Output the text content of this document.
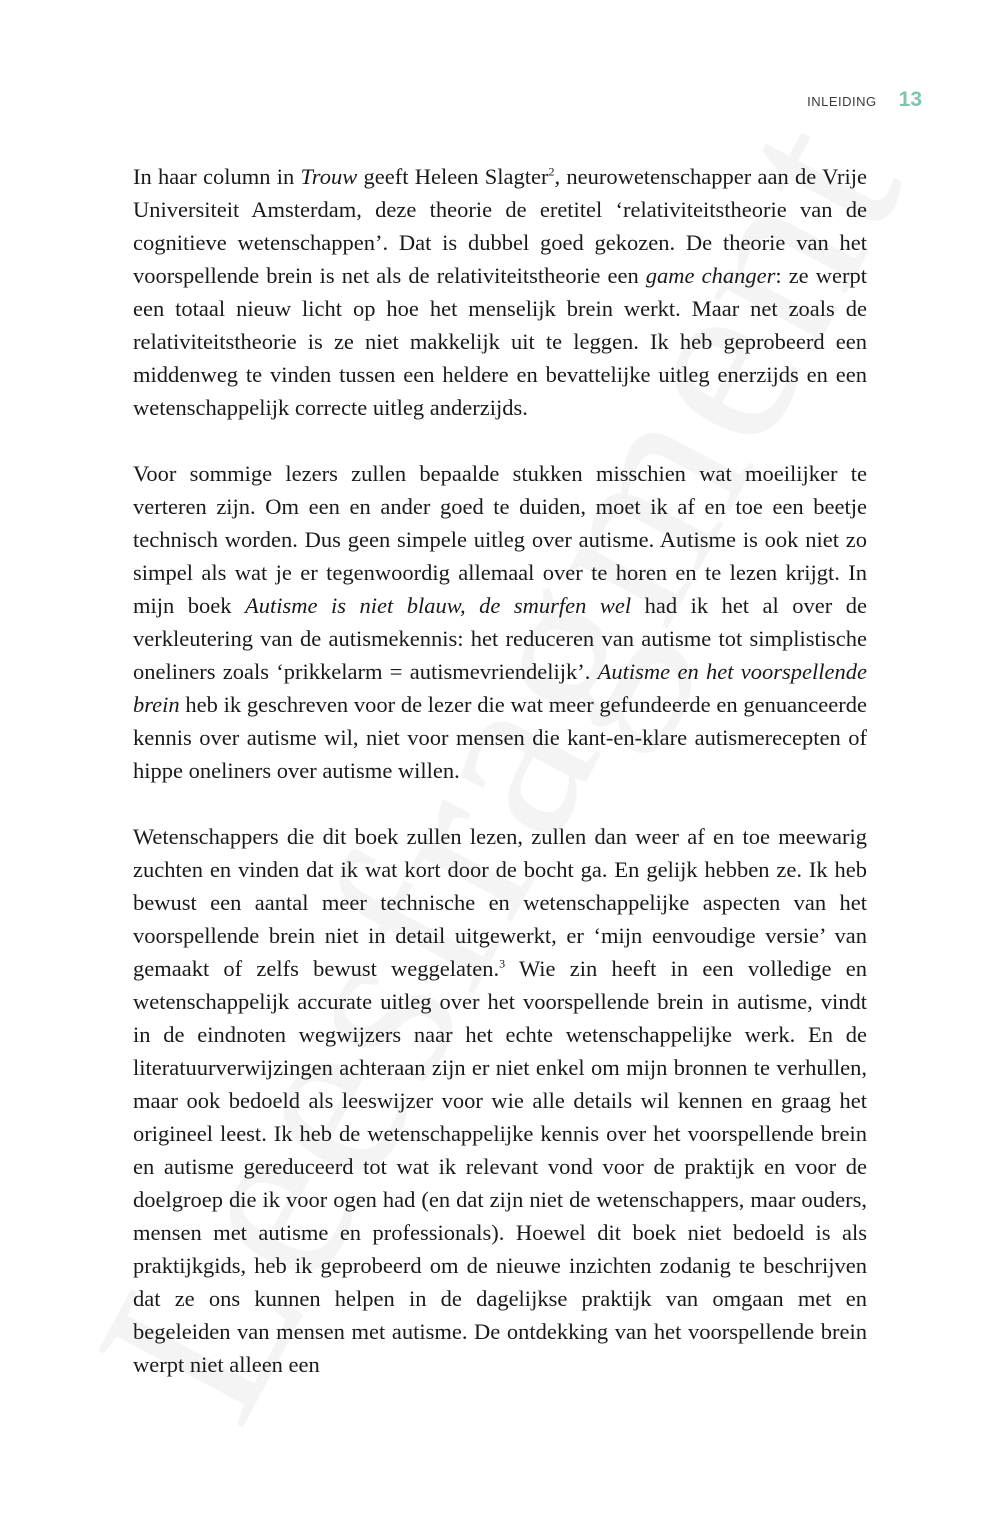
INLEIDING 13

In haar column in Trouw geeft Heleen Slagter$^2$, neurowetenschapper aan de Vrije Universiteit Amsterdam, deze theorie de eretitel ‘relativiteitstheorie van de cognitieve wetenschappen’. Dat is dubbel goed gekozen. De theorie van het voorspellende brein is net als de relativiteitstheorie een game changer: ze werpt een totaal nieuw licht op hoe het menselijk brein werkt. Maar net zoals de relativiteitstheorie is ze niet makkelijk uit te leggen. Ik heb geprobeerd een middenweg te vinden tussen een heldere en bevattelijke uitleg enerzijds en een wetenschappelijk correcte uitleg anderzijds.

Voor sommige lezers zullen bepaalde stukken misschien wat moeilijker te verteren zijn. Om een en ander goed te duiden, moet ik af en toe een beetje technisch worden. Dus geen simpele uitleg over autisme. Autisme is ook niet zo simpel als wat je er tegenwoordig allemaal over te horen en te lezen krijgt. In mijn boek Autisme is niet blauw, de smurfen wel had ik het al over de verkleutering van de autismekennis: het reduceren van autisme tot simplistische oneliners zoals ‘prikkelarm = autismevriendelijk’. Autisme en het voorspellende brein heb ik geschreven voor de lezer die wat meer gefundeerde en genuanceerde kennis over autisme wil, niet voor mensen die kant-en-klare autismerecepten of hippe oneliners over autisme willen.

Wetenschappers die dit boek zullen lezen, zullen dan weer af en toe meewarig zuchten en vinden dat ik wat kort door de bocht ga. En gelijk hebben ze. Ik heb bewust een aantal meer technische en wetenschappelijke aspecten van het voorspellende brein niet in detail uitgewerkt, er ‘mijn eenvoudige versie’ van gemaakt of zelfs bewust weggelaten.$^3$ Wie zin heeft in een volledige en wetenschappelijk accurate uitleg over het voorspellende brein in autisme, vindt in de eindnoten wegwijzers naar het echte wetenschappelijke werk. En de literatuurverwijzingen achteraan zijn er niet enkel om mijn bronnen te verhullen, maar ook bedoeld als leeswijzer voor wie alle details wil kennen en graag het origineel leest. Ik heb de wetenschappelijke kennis over het voorspellende brein en autisme gereduceerd tot wat ik relevant vond voor de praktijk en voor de doelgroep die ik voor ogen had (en dat zijn niet de wetenschappers, maar ouders, mensen met autisme en professionals). Hoewel dit boek niet bedoeld is als praktijkgids, heb ik geprobeerd om de nieuwe inzichten zodanig te beschrijven dat ze ons kunnen helpen in de dagelijkse praktijk van omgaan met en begeleiden van mensen met autisme. De ontdekking van het voorspellende brein werpt niet alleen een
